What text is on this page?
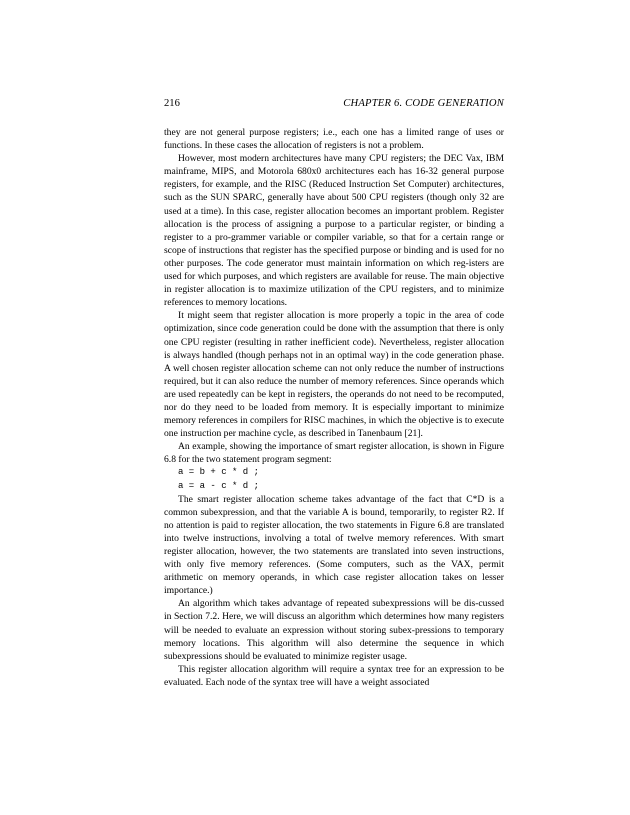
216	CHAPTER 6. CODE GENERATION

they are not general purpose registers; i.e., each one has a limited range of uses or functions. In these cases the allocation of registers is not a problem.

However, most modern architectures have many CPU registers; the DEC Vax, IBM mainframe, MIPS, and Motorola 680x0 architectures each has 16-32 general purpose registers, for example, and the RISC (Reduced Instruction Set Computer) architectures, such as the SUN SPARC, generally have about 500 CPU registers (though only 32 are used at a time). In this case, register allocation becomes an important problem. Register allocation is the process of assigning a purpose to a particular register, or binding a register to a pro-grammer variable or compiler variable, so that for a certain range or scope of instructions that register has the specified purpose or binding and is used for no other purposes. The code generator must maintain information on which reg-isters are used for which purposes, and which registers are available for reuse. The main objective in register allocation is to maximize utilization of the CPU registers, and to minimize references to memory locations.

It might seem that register allocation is more properly a topic in the area of code optimization, since code generation could be done with the assumption that there is only one CPU register (resulting in rather inefficient code). Nevertheless, register allocation is always handled (though perhaps not in an optimal way) in the code generation phase. A well chosen register allocation scheme can not only reduce the number of instructions required, but it can also reduce the number of memory references. Since operands which are used repeatedly can be kept in registers, the operands do not need to be recomputed, nor do they need to be loaded from memory. It is especially important to minimize memory references in compilers for RISC machines, in which the objective is to execute one instruction per machine cycle, as described in Tanenbaum [21].

An example, showing the importance of smart register allocation, is shown in Figure 6.8 for the two statement program segment:

a = b + c * d ;
a = a - c * d ;

The smart register allocation scheme takes advantage of the fact that C*D is a common subexpression, and that the variable A is bound, temporarily, to register R2. If no attention is paid to register allocation, the two statements in Figure 6.8 are translated into twelve instructions, involving a total of twelve memory references. With smart register allocation, however, the two statements are translated into seven instructions, with only five memory references. (Some computers, such as the VAX, permit arithmetic on memory operands, in which case register allocation takes on lesser importance.)

An algorithm which takes advantage of repeated subexpressions will be dis-cussed in Section 7.2. Here, we will discuss an algorithm which determines how many registers will be needed to evaluate an expression without storing subex-pressions to temporary memory locations. This algorithm will also determine the sequence in which subexpressions should be evaluated to minimize register usage.

This register allocation algorithm will require a syntax tree for an expression to be evaluated. Each node of the syntax tree will have a weight associated
